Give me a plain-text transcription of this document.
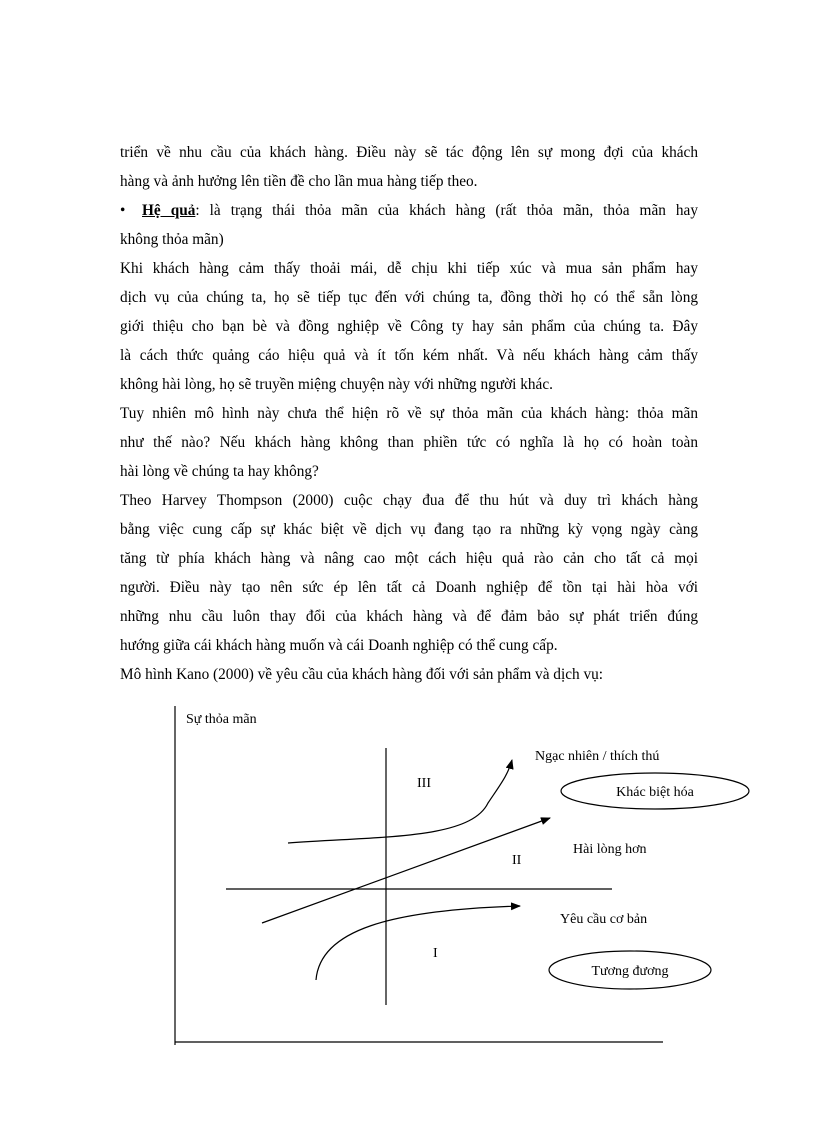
triển về nhu cầu của khách hàng. Điều này sẽ tác động lên sự mong đợi của khách
hàng và ảnh hưởng lên tiền đề cho lần mua hàng tiếp theo.
• Hệ quả: là trạng thái thỏa mãn của khách hàng (rất thỏa mãn, thỏa mãn hay
không thỏa mãn)
Khi khách hàng cảm thấy thoải mái, dễ chịu khi tiếp xúc và mua sản phẩm hay
dịch vụ của chúng ta, họ sẽ tiếp tục đến với chúng ta, đồng thời họ có thể sẵn lòng
giới thiệu cho bạn bè và đồng nghiệp về Công ty hay sản phẩm của chúng ta. Đây
là cách thức quảng cáo hiệu quả và ít tốn kém nhất. Và nếu khách hàng cảm thấy
không hài lòng, họ sẽ truyền miệng chuyện này với những người khác.
Tuy nhiên mô hình này chưa thể hiện rõ về sự thỏa mãn của khách hàng: thỏa mãn
như thế nào? Nếu khách hàng không than phiền tức có nghĩa là họ có hoàn toàn
hài lòng về chúng ta hay không?
Theo Harvey Thompson (2000) cuộc chạy đua để thu hút và duy trì khách hàng
bằng việc cung cấp sự khác biệt về dịch vụ đang tạo ra những kỳ vọng ngày càng
tăng từ phía khách hàng và nâng cao một cách hiệu quả rào cản cho tất cả mọi
người. Điều này tạo nên sức ép lên tất cả Doanh nghiệp để tồn tại hài hòa với
những nhu cầu luôn thay đổi của khách hàng và để đảm bảo sự phát triển đúng
hướng giữa cái khách hàng muốn và cái Doanh nghiệp có thể cung cấp.
Mô hình Kano (2000) về yêu cầu của khách hàng đối với sản phẩm và dịch vụ:
Sự thỏa mãn
III
II
I
Ngạc nhiên / thích thú
Hài lòng hơn
Yêu cầu cơ bản
Khác biệt hóa
Tương đương
